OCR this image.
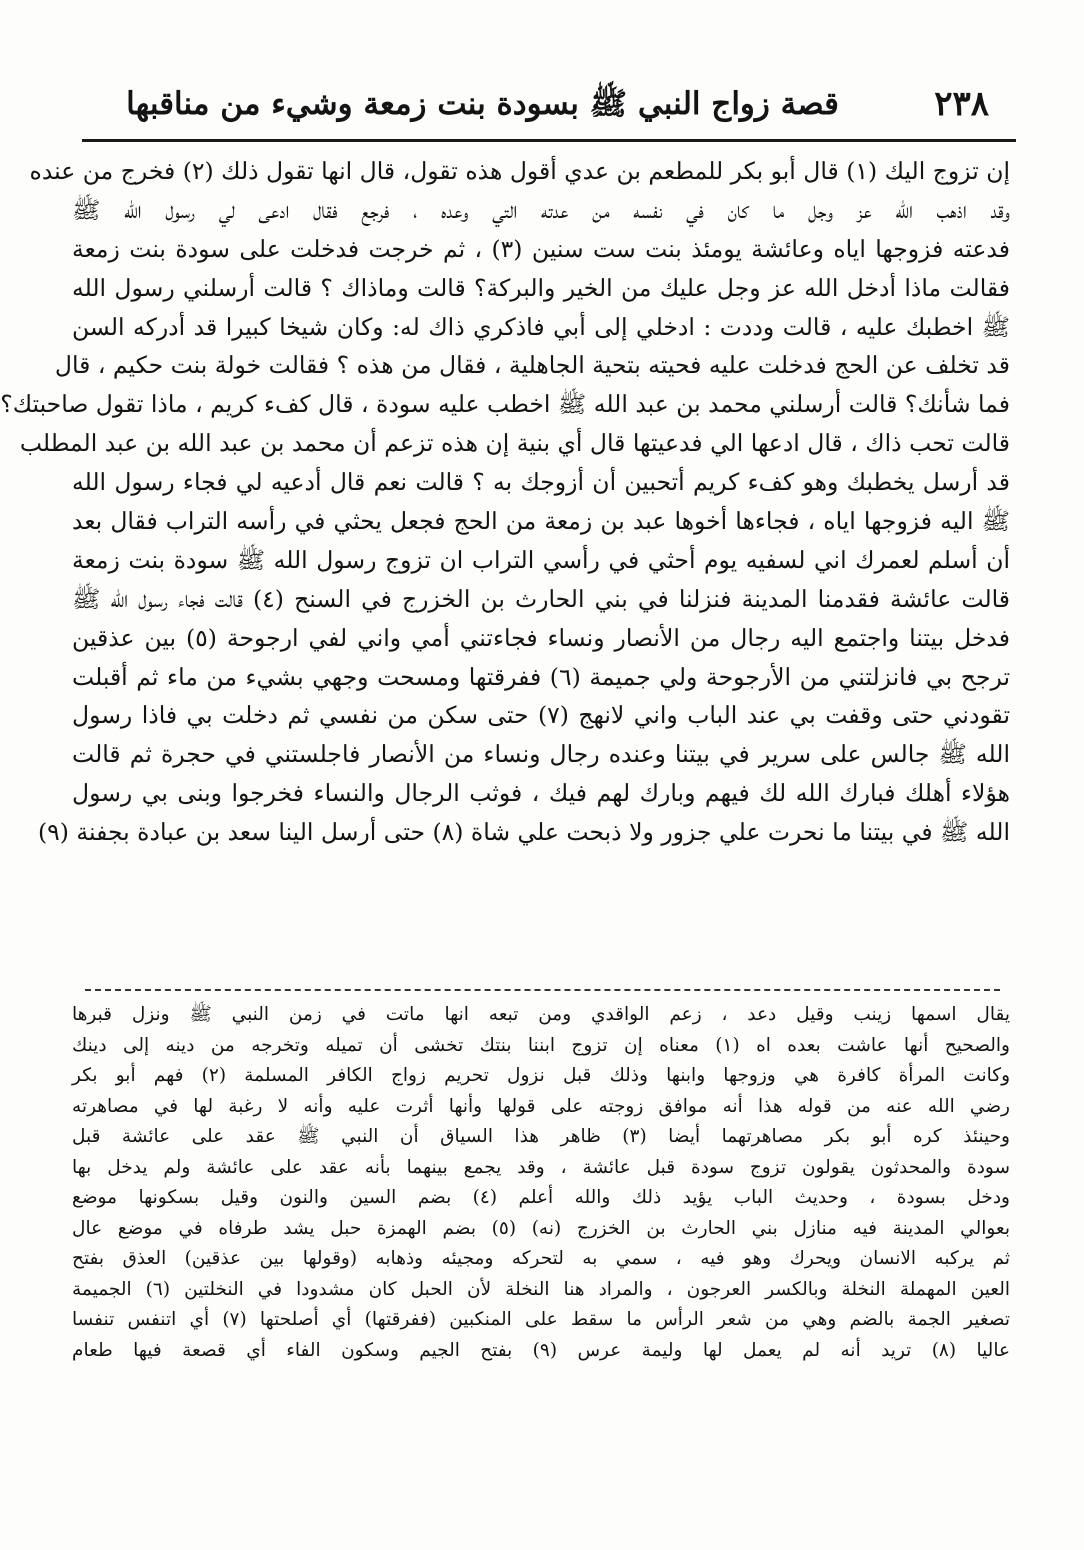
٢٣٨
قصة زواج النبي ﷺ بسودة بنت زمعة وشيء من مناقبها
إن تزوج اليك (١) قال أبو بكر للمطعم بن عدي أقول هذه تقول، قال انها تقول ذلك (٢) فخرج من عنده
وقد اذهب الله عز وجل ما كان في نفسه من عدته التي وعده ، فرجع فقال ادعى لي رسول الله ﷺ
فدعته فزوجها اياه وعائشة يومئذ بنت ست سنين (٣) ، ثم خرجت فدخلت على سودة بنت زمعة
فقالت ماذا أدخل الله عز وجل عليك من الخير والبركة؟ قالت وماذاك ؟ قالت أرسلني رسول الله
ﷺ اخطبك عليه ، قالت وددت : ادخلي إلى أبي فاذكري ذاك له: وكان شيخا كبيرا قد أدركه السن
قد تخلف عن الحج فدخلت عليه فحيته بتحية الجاهلية ، فقال من هذه ؟ فقالت خولة بنت حكيم ، قال
فما شأنك؟ قالت أرسلني محمد بن عبد الله ﷺ اخطب عليه سودة ، قال كفء كريم ، ماذا تقول صاحبتك؟
قالت تحب ذاك ، قال ادعها الي فدعيتها قال أي بنية إن هذه تزعم أن محمد بن عبد الله بن عبد المطلب
قد أرسل يخطبك وهو كفء كريم أتحبين أن أزوجك به ؟ قالت نعم قال أدعيه لي فجاء رسول الله
ﷺ اليه فزوجها اياه ، فجاءها أخوها عبد بن زمعة من الحج فجعل يحثي في رأسه التراب فقال بعد
أن أسلم لعمرك اني لسفيه يوم أحثي في رأسي التراب ان تزوج رسول الله ﷺ سودة بنت زمعة
قالت عائشة فقدمنا المدينة فنزلنا في بني الحارث بن الخزرج في السنح (٤) قالت فجاء رسول الله ﷺ
فدخل بيتنا واجتمع اليه رجال من الأنصار ونساء فجاءتني أمي واني لفي ارجوحة (٥) بين عذقين
ترجح بي فانزلتني من الأرجوحة ولي جميمة (٦) ففرقتها ومسحت وجهي بشيء من ماء ثم أقبلت
تقودني حتى وقفت بي عند الباب واني لانهج (٧) حتى سكن من نفسي ثم دخلت بي فاذا رسول
الله ﷺ جالس على سرير في بيتنا وعنده رجال ونساء من الأنصار فاجلستني في حجرة ثم قالت
هؤلاء أهلك فبارك الله لك فيهم وبارك لهم فيك ، فوثب الرجال والنساء فخرجوا وبنى بي رسول
الله ﷺ في بيتنا ما نحرت علي جزور ولا ذبحت علي شاة (٨) حتى أرسل الينا سعد بن عبادة بجفنة (٩)
يقال اسمها زينب وقيل دعد ، زعم الواقدي ومن تبعه انها ماتت في زمن النبي ﷺ ونزل قبرها
والصحيح أنها عاشت بعده اه (١) معناه إن تزوج ابننا بنتك تخشى أن تميله وتخرجه من دينه إلى دينك
وكانت المرأة كافرة هي وزوجها وابنها وذلك قبل نزول تحريم زواج الكافر المسلمة (٢) فهم أبو بكر
رضي الله عنه من قوله هذا أنه موافق زوجته على قولها وأنها أثرت عليه وأنه لا رغبة لها في مصاهرته
وحينئذ كره أبو بكر مصاهرتهما أيضا (٣) ظاهر هذا السياق أن النبي ﷺ عقد على عائشة قبل
سودة والمحدثون يقولون تزوج سودة قبل عائشة ، وقد يجمع بينهما بأنه عقد على عائشة ولم يدخل بها
ودخل بسودة ، وحديث الباب يؤيد ذلك والله أعلم (٤) بضم السين والنون وقيل بسكونها موضع
بعوالي المدينة فيه منازل بني الحارث بن الخزرج (نه) (٥) بضم الهمزة حبل يشد طرفاه في موضع عال
ثم يركبه الانسان ويحرك وهو فيه ، سمي به لتحركه ومجيئه وذهابه (وقولها بين عذقين) العذق بفتح
العين المهملة النخلة وبالكسر العرجون ، والمراد هنا النخلة لأن الحبل كان مشدودا في النخلتين (٦) الجميمة
تصغير الجمة بالضم وهي من شعر الرأس ما سقط على المنكبين (ففرقتها) أي أصلحتها (٧) أي اتنفس تنفسا
عاليا (٨) تريد أنه لم يعمل لها وليمة عرس (٩) بفتح الجيم وسكون الفاء أي قصعة فيها طعام
